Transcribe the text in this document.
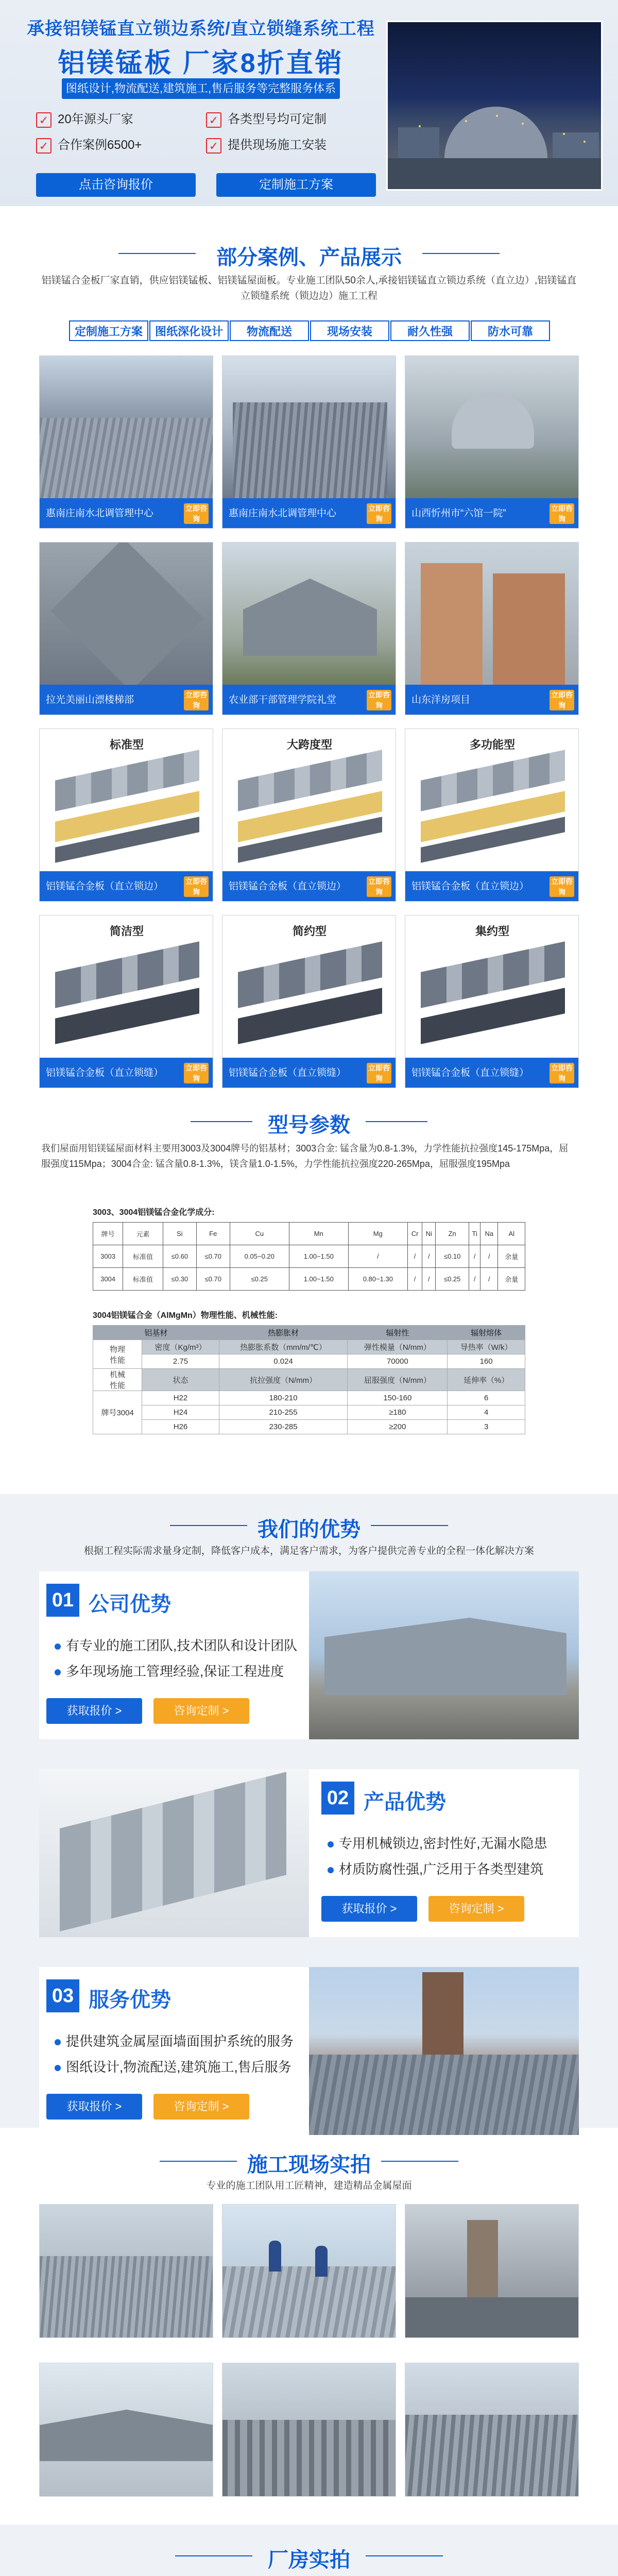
承接铝镁锰直立锁边系统/直立锁缝系统工程
铝镁锰板 厂家8折直销
图纸设计,物流配送,建筑施工,售后服务等完整服务体系
✓ 20年源头厂家	✓ 各类型号均可定制
✓ 合作案例6500+	✓ 提供现场施工安装
点击咨询报价	定制施工方案
部分案例、产品展示
铝镁锰合金板厂家直销，供应铝镁锰板、铝镁锰屋面板。专业施工团队50余人,承接铝镁锰直立锁边系统（直立边）,铝镁锰直立锁缝系统（锁边边）施工工程
定制施工方案	图纸深化设计	物流配送	现场安装	耐久性强	防水可靠
惠南庄南水北调管理中心	立即咨询	惠南庄南水北调管理中心	立即咨询	山西忻州市“六馆一院”	立即咨询
拉光美丽山漂楼梯部	立即咨询	农业部干部管理学院礼堂	立即咨询	山东洋房项目	立即咨询
标准型
铝镁锰合金板（直立锁边）	立即咨询
大跨度型
铝镁锰合金板（直立锁边）	立即咨询
多功能型
铝镁锰合金板（直立锁边）	立即咨询
简洁型
铝镁锰合金板（直立锁缝）	立即咨询
简约型
铝镁锰合金板（直立锁缝）	立即咨询
集约型
铝镁锰合金板（直立锁缝）	立即咨询
型号参数
我们屋面用铝镁锰屋面材料主要用3003及3004牌号的铝基材；3003合金: 锰含量为0.8-1.3%，力学性能抗拉强度145-175Mpa，屈服强度115Mpa；3004合金: 锰含量0.8-1.3%，镁含量1.0-1.5%，力学性能抗拉强度220-265Mpa，屈服强度195Mpa
3003、3004铝镁锰合金化学成分:
牌号	元素	Si	Fe	Cu	Mn	Mg	Cr	Ni	Zn	Ti	Na	Al
3003	标准值	≤0.60	≤0.70	0.05~0.20	1.00~1.50	/	/	/	≤0.10	/	/	余量
3004	标准值	≤0.30	≤0.70	≤0.25	1.00~1.50	0.80~1.30	/	/	≤0.25	/	/	余量
3004铝镁锰合金（AlMgMn）物理性能、机械性能:
铝基材		热膨胀材	辐射性	辐射熔体

物理
性能	密度（Kg/m³）	热膨胀系数（mm/m/℃）	弹性模量（N/mm）	导热率（W/k）
	2.75	0.024	70000	160

机械
性能	状态	抗拉强度（N/mm）	屈服强度（N/mm）	延伸率（%）
牌号3004	H22	180-210	150-160	6
	H24	210-255	≥180	4
	H26	230-285	≥200	3
我们的优势
根据工程实际需求量身定制，降低客户成本，满足客户需求，为客户提供完善专业的全程一体化解决方案
01 公司优势
有专业的施工团队,技术团队和设计团队
多年现场施工管理经验,保证工程进度
获取报价 >	咨询定制 >
02 产品优势
专用机械锁边,密封性好,无漏水隐患
材质防腐性强,广泛用于各类型建筑
获取报价 >	咨询定制 >
03 服务优势
提供建筑金属屋面墙面围护系统的服务
图纸设计,物流配送,建筑施工,售后服务
获取报价 >	咨询定制 >
施工现场实拍
专业的施工团队用工匠精神，建造精品金属屋面
厂房实拍
